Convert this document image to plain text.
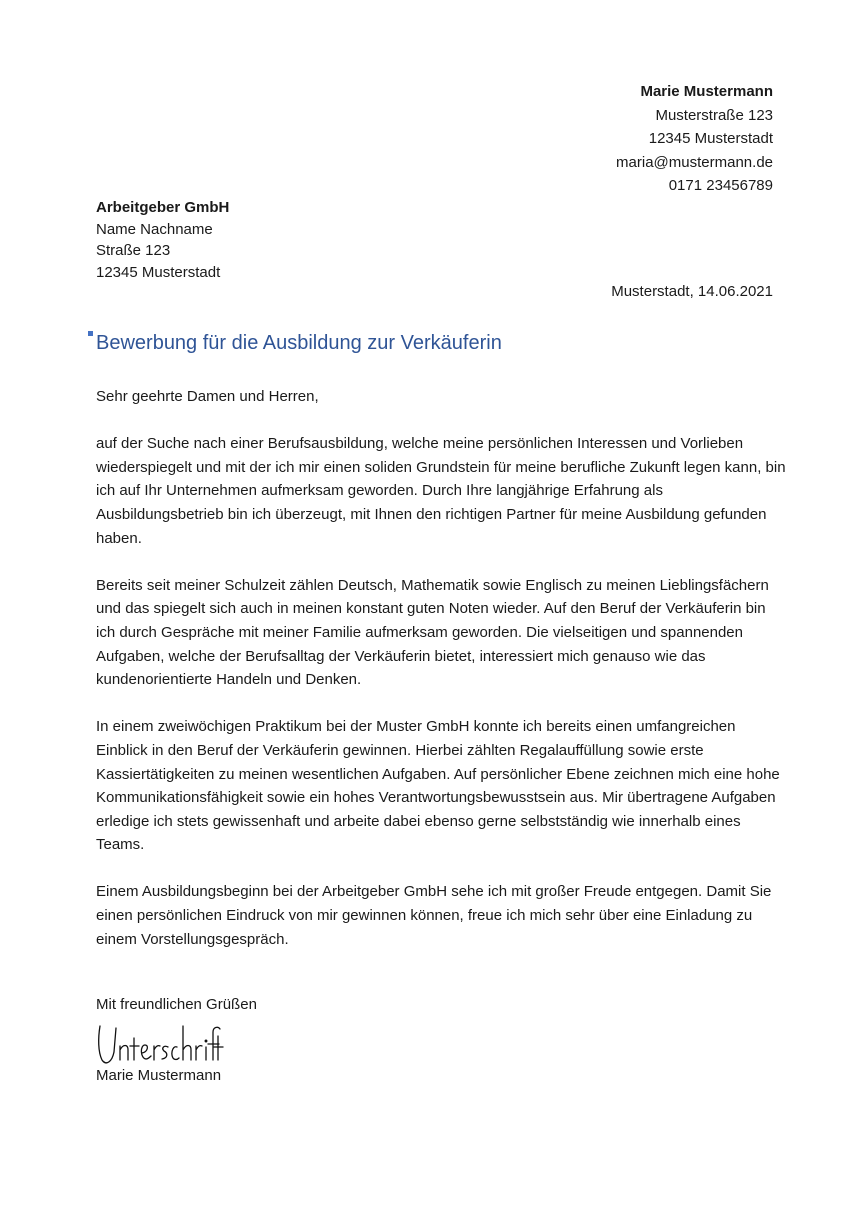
Marie Mustermann
Musterstraße 123
12345 Musterstadt
maria@mustermann.de
0171 23456789
Arbeitgeber GmbH
Name Nachname
Straße 123
12345 Musterstadt
Musterstadt, 14.06.2021
Bewerbung für die Ausbildung zur Verkäuferin

Sehr geehrte Damen und Herren,

auf der Suche nach einer Berufsausbildung, welche meine persönlichen Interessen und Vorlieben wiederspiegelt und mit der ich mir einen soliden Grundstein für meine berufliche Zukunft legen kann, bin ich auf Ihr Unternehmen aufmerksam geworden. Durch Ihre langjährige Erfahrung als Ausbildungsbetrieb bin ich überzeugt, mit Ihnen den richtigen Partner für meine Ausbildung gefunden haben.

Bereits seit meiner Schulzeit zählen Deutsch, Mathematik sowie Englisch zu meinen Lieblingsfächern und das spiegelt sich auch in meinen konstant guten Noten wieder. Auf den Beruf der Verkäuferin bin ich durch Gespräche mit meiner Familie aufmerksam geworden. Die vielseitigen und spannenden Aufgaben, welche der Berufsalltag der Verkäuferin bietet, interessiert mich genauso wie das kundenorientierte Handeln und Denken.

In einem zweiwöchigen Praktikum bei der Muster GmbH konnte ich bereits einen umfangreichen Einblick in den Beruf der Verkäuferin gewinnen. Hierbei zählten Regalauffüllung sowie erste Kassiertätigkeiten zu meinen wesentlichen Aufgaben. Auf persönlicher Ebene zeichnen mich eine hohe Kommunikationsfähigkeit sowie ein hohes Verantwortungsbewusstsein aus. Mir übertragene Aufgaben erledige ich stets gewissenhaft und arbeite dabei ebenso gerne selbstständig wie innerhalb eines Teams.

Einem Ausbildungsbeginn bei der Arbeitgeber GmbH sehe ich mit großer Freude entgegen. Damit Sie einen persönlichen Eindruck von mir gewinnen können, freue ich mich sehr über eine Einladung zu einem Vorstellungsgespräch.

Mit freundlichen Grüßen
Marie Mustermann
